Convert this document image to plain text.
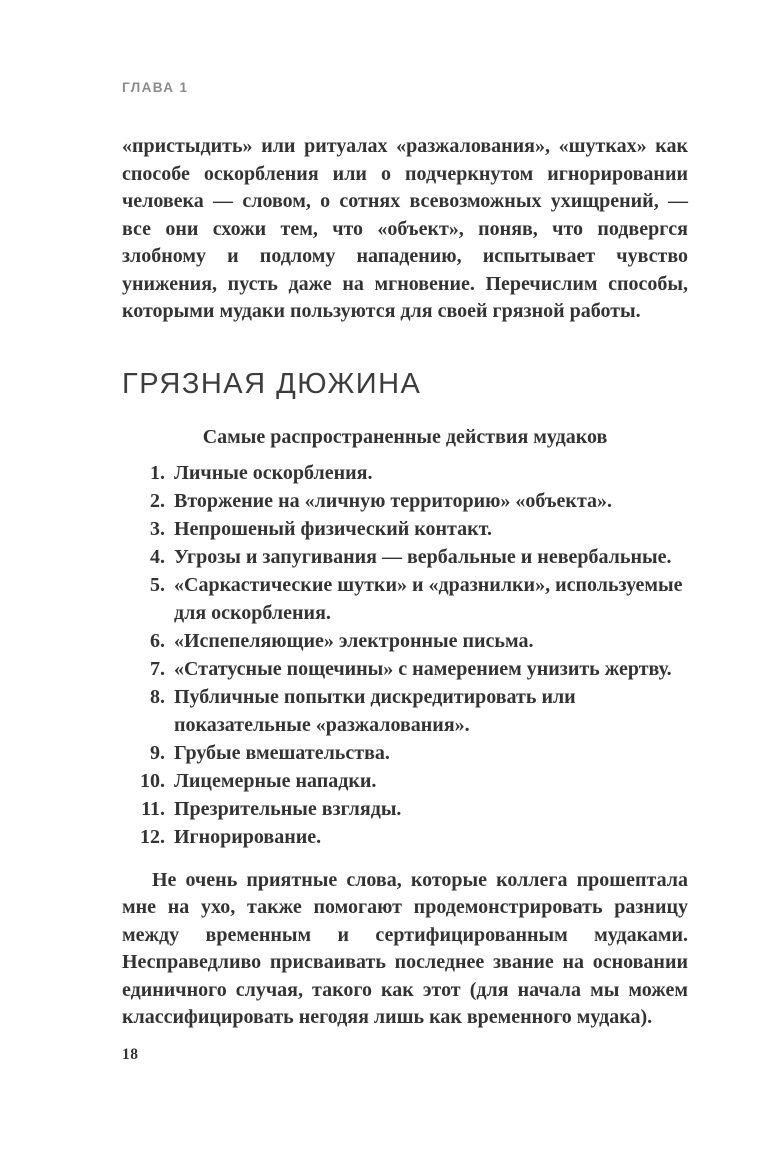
ГЛАВА 1

«пристыдить» или ритуалах «разжалования», «шутках» как способе оскорбления или о подчеркнутом игнорировании человека — словом, о сотнях всевозможных ухищрений, — все они схожи тем, что «объект», поняв, что подвергся злобному и подлому нападению, испытывает чувство унижения, пусть даже на мгновение. Перечислим способы, которыми мудаки пользуются для своей грязной работы.

ГРЯЗНАЯ ДЮЖИНА
Самые распространенные действия мудаков
1. Личные оскорбления.
2. Вторжение на «личную территорию» «объекта».
3. Непрошеный физический контакт.
4. Угрозы и запугивания — вербальные и невербальные.
5. «Саркастические шутки» и «дразнилки», используемые для оскорбления.
6. «Испепеляющие» электронные письма.
7. «Статусные пощечины» с намерением унизить жертву.
8. Публичные попытки дискредитировать или показательные «разжалования».
9. Грубые вмешательства.
10. Лицемерные нападки.
11. Презрительные взгляды.
12. Игнорирование.

Не очень приятные слова, которые коллега прошептала мне на ухо, также помогают продемонстрировать разницу между временным и сертифицированным мудаками. Несправедливо присваивать последнее звание на основании единичного случая, такого как этот (для начала мы можем классифицировать негодяя лишь как временного мудака).

18
